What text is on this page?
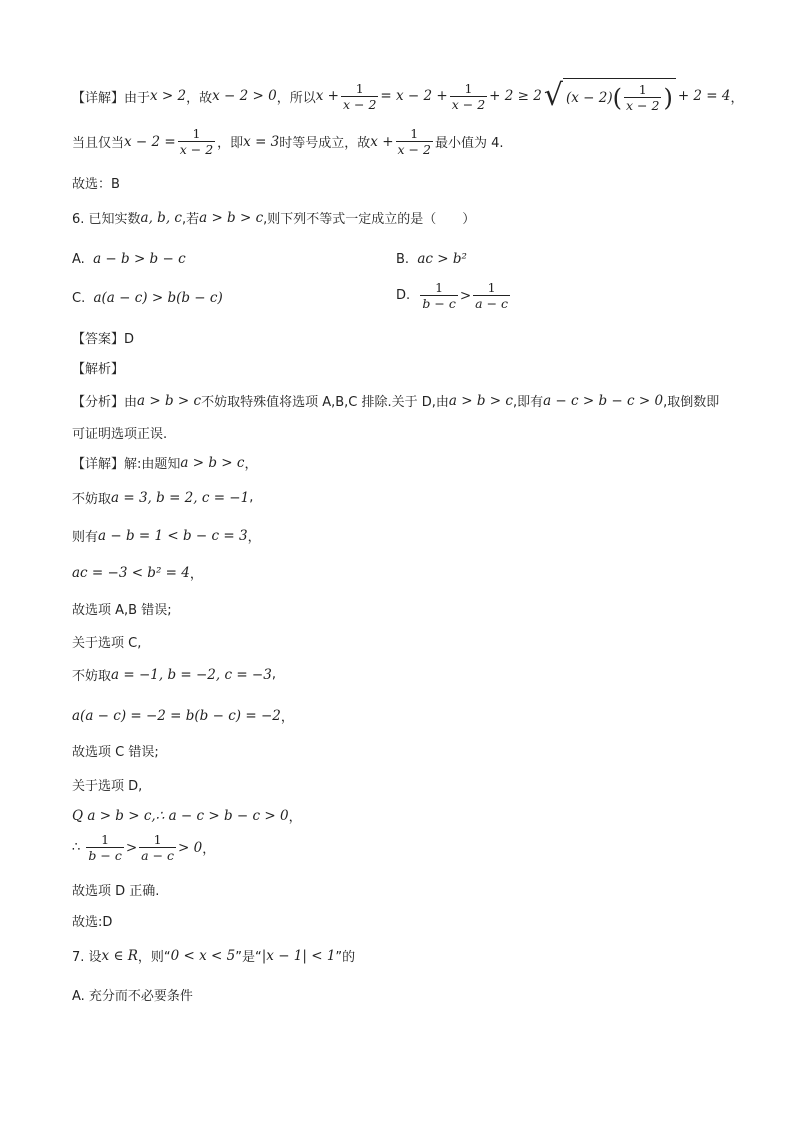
【详解】 由于 x > 2 ，故 x − 2 > 0 ，所以 $x + \frac{1}{x - 2} = x - 2 + \frac{1}{x - 2} + 2 \ge 2$ √ (x − 2) ( $\frac{1}{x - 2}$ ) + 2 = 4 ，
当且仅当 $x - 2 = \frac{1}{x - 2}$ ，即 x = 3 时等号成立，故 $x + \frac{1}{x - 2}$ 最小值为 4.
故选：B
6. 已知实数 a, b, c ,若 a > b > c ,则下列不等式一定成立的是（　　）
A.
a − b > b − c	B.
ac > b²
C.
a(a − c) > b(b − c)	D.
$\frac{1}{b - c} > \frac{1}{a - c}$
【答案】D
【解析】
【分析】由 a > b > c 不妨取特殊值将选项 A,B,C 排除.关于 D,由 a > b > c ,即有 a − c > b − c > 0 ,取倒数即
可证明选项正误.
【详解】解:由题知 a > b > c ，
不妨取 a = 3, b = 2, c = −1 ,
则有 a − b = 1 < b − c = 3 ，
ac = −3 < b² = 4 ，
故选项 A,B 错误;
关于选项 C,
不妨取 a = −1, b = −2, c = −3 ,
a(a − c) = −2 = b(b − c) = −2 ，
故选项 C 错误;
关于选项 D,
Q a > b > c,∴ a − c > b − c > 0 ，
∴
$\frac{1}{b - c} > \frac{1}{a - c} > 0$ ，
故选项 D 正确.
故选:D
7. 设 x ∈ R ，则“ 0 < x < 5 ”是“ |x − 1| < 1 ”的
A. 充分而不必要条件
